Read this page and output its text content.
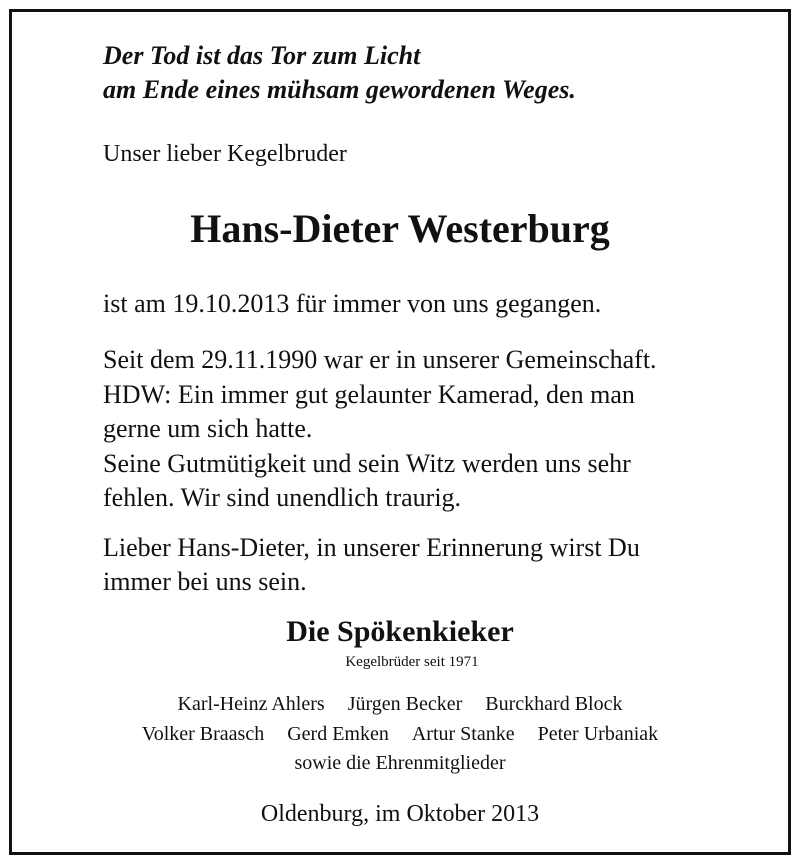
Der Tod ist das Tor zum Licht

am Ende eines mühsam gewordenen Weges.

Unser lieber Kegelbruder

Hans-Dieter Westerburg

ist am 19.10.2013 für immer von uns gegangen.

Seit dem 29.11.1990 war er in unserer Gemeinschaft.

HDW: Ein immer gut gelaunter Kamerad, den man

gerne um sich hatte.

Seine Gutmütigkeit und sein Witz werden uns sehr

fehlen. Wir sind unendlich traurig.

Lieber Hans-Dieter, in unserer Erinnerung wirst Du

immer bei uns sein.

Die Spökenkieker

Kegelbrüder seit 1971

Karl-Heinz Ahlers Jürgen Becker Burckhard Block
Volker Braasch Gerd Emken Artur Stanke Peter Urbaniak
sowie die Ehrenmitglieder

Oldenburg, im Oktober 2013
